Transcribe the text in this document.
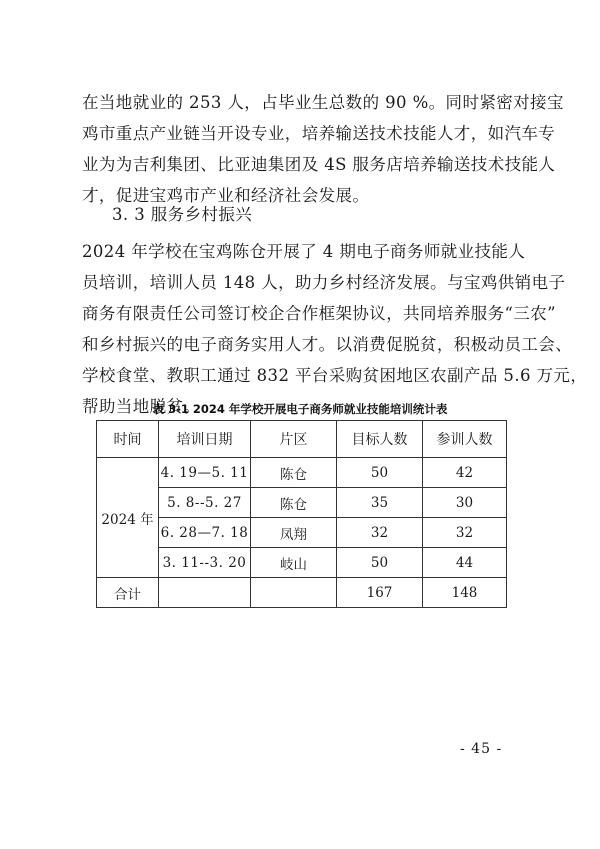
在当地就业的 253 人，占毕业生总数的 90 %。同时紧密对接宝
鸡市重点产业链当开设专业，培养输送技术技能人才，如汽车专
业为为吉利集团、比亚迪集团及 4S 服务店培养输送技术技能人
才，促进宝鸡市产业和经济社会发展。

3. 3 服务乡村振兴

2024 年学校在宝鸡陈仓开展了 4 期电子商务师就业技能人
员培训，培训人员 148 人，助力乡村经济发展。与宝鸡供销电子
商务有限责任公司签订校企合作框架协议，共同培养服务“三农”
和乡村振兴的电子商务实用人才。以消费促脱贫，积极动员工会、
学校食堂、教职工通过 832 平台采购贫困地区农副产品 5.6 万元，
帮助当地脱贫。

表 3-1 2024 年学校开展电子商务师就业技能培训统计表

时间	培训日期	片区	目标人数	参训人数
2024 年	4. 19—5. 11	陈仓	50	42
	5. 8--5. 27	陈仓	35	30
	6. 28—7. 18	凤翔	32	32
	3. 11--3. 20	岐山	50	44
合计			167	148
- 45 -
